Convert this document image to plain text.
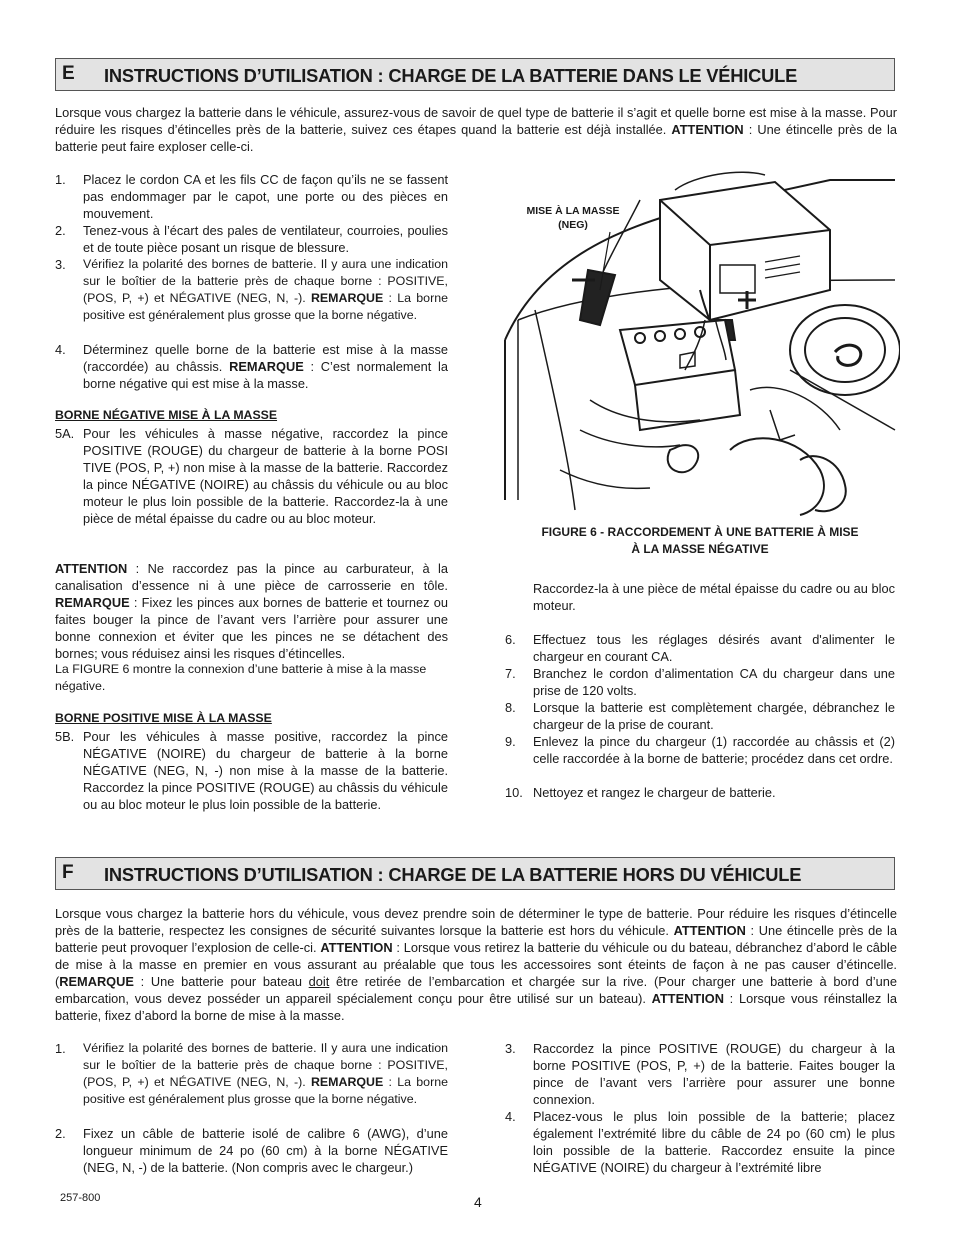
E INSTRUCTIONS D’UTILISATION : CHARGE DE LA BATTERIE DANS LE VÉHICULE
Lorsque vous chargez la batterie dans le véhicule, assurez-vous de savoir de quel type de batterie il s’agit et quelle borne est mise à la masse. Pour réduire les risques d’étincelles près de la batterie, suivez ces étapes quand la batterie est déjà installée. ATTENTION : Une étincelle près de la batterie peut faire exploser celle-ci.
1. Placez le cordon CA et les fils CC de façon qu’ils ne se fassent pas endommager par le capot, une porte ou des pièces en mouvement.
2. Tenez-vous à l’écart des pales de ventilateur, courroies, poulies et de toute pièce posant un risque de blessure.
3. Vérifiez la polarité des bornes de batterie. Il y aura une indication sur le boîtier de la batterie près de chaque borne : POSITIVE, (POS, P, +) et NÉGATIVE (NEG, N, -). REMARQUE : La borne positive est généralement plus grosse que la borne négative.
4. Déterminez quelle borne de la batterie est mise à la masse (raccordée) au châssis. REMARQUE : C’est normalement la borne négative qui est mise à la masse.
BORNE NÉGATIVE MISE À LA MASSE
5A. Pour les véhicules à masse négative, raccordez la pince POSITIVE (ROUGE) du chargeur de batterie à la borne POSI TIVE (POS, P, +) non mise à la masse de la batterie. Raccordez la pince NÉGATIVE (NOIRE) au châssis du véhicule ou au bloc moteur le plus loin possible de la batterie. Raccordez-la à une pièce de métal épaisse du cadre ou au bloc moteur.
ATTENTION : Ne raccordez pas la pince au carburateur, à la canalisation d’essence ni à une pièce de carrosserie en tôle. REMARQUE : Fixez les pinces aux bornes de batterie et tournez ou faites bouger la pince de l’avant vers l’arrière pour assurer une bonne connexion et éviter que les pinces ne se détachent des bornes; vous réduisez ainsi les risques d’étincelles.
La FIGURE 6 montre la connexion d’une batterie à mise à la masse négative.
BORNE POSITIVE MISE À LA MASSE
5B. Pour les véhicules à masse positive, raccordez la pince NÉGATIVE (NOIRE) du chargeur de batterie à la borne NÉGATIVE (NEG, N, -) non mise à la masse de la batterie. Raccordez la pince POSITIVE (ROUGE) au châssis du véhicule ou au bloc moteur le plus loin possible de la batterie.
MISE À LA MASSE
(NEG)
FIGURE 6 - RACCORDEMENT À UNE BATTERIE À MISE
À LA MASSE NÉGATIVE
Raccordez-la à une pièce de métal épaisse du cadre ou au bloc moteur.
6. Effectuez tous les réglages désirés avant d'alimenter le chargeur en courant CA.
7. Branchez le cordon d’alimentation CA du chargeur dans une prise de 120 volts.
8. Lorsque la batterie est complètement chargée, débranchez le chargeur de la prise de courant.
9. Enlevez la pince du chargeur (1) raccordée au châssis et (2) celle raccordée à la borne de batterie; procédez dans cet ordre.
10. Nettoyez et rangez le chargeur de batterie.
F INSTRUCTIONS D’UTILISATION : CHARGE DE LA BATTERIE HORS DU VÉHICULE
Lorsque vous chargez la batterie hors du véhicule, vous devez prendre soin de déterminer le type de batterie. Pour réduire les risques d’étincelle près de la batterie, respectez les consignes de sécurité suivantes lorsque la batterie est hors du véhicule. ATTENTION : Une étincelle près de la batterie peut provoquer l’explosion de celle-ci. ATTENTION : Lorsque vous retirez la batterie du véhicule ou du bateau, débranchez d’abord le câble de mise à la masse en premier en vous assurant au préalable que tous les accessoires sont éteints de façon à ne pas causer d’étincelle. (REMARQUE : Une batterie pour bateau doit être retirée de l’embarcation et chargée sur la rive. (Pour charger une batterie à bord d’une embarcation, vous devez posséder un appareil spécialement conçu pour être utilisé sur un bateau). ATTENTION : Lorsque vous réinstallez la batterie, fixez d’abord la borne de mise à la masse.
1. Vérifiez la polarité des bornes de batterie. Il y aura une indication sur le boîtier de la batterie près de chaque borne : POSITIVE, (POS, P, +) et NÉGATIVE (NEG, N, -). REMARQUE : La borne positive est généralement plus grosse que la borne négative.
2. Fixez un câble de batterie isolé de calibre 6 (AWG), d’une longueur minimum de 24 po (60 cm) à la borne NÉGATIVE (NEG, N, -) de la batterie. (Non compris avec le chargeur.)
3. Raccordez la pince POSITIVE (ROUGE) du chargeur à la borne POSITIVE (POS, P, +) de la batterie. Faites bouger la pince de l’avant vers l’arrière pour assurer une bonne connexion.
4. Placez-vous le plus loin possible de la batterie; placez également l’extrémité libre du câble de 24 po (60 cm) le plus loin possible de la batterie. Raccordez ensuite la pince NÉGATIVE (NOIRE) du chargeur à l’extrémité libre
257-800	4
